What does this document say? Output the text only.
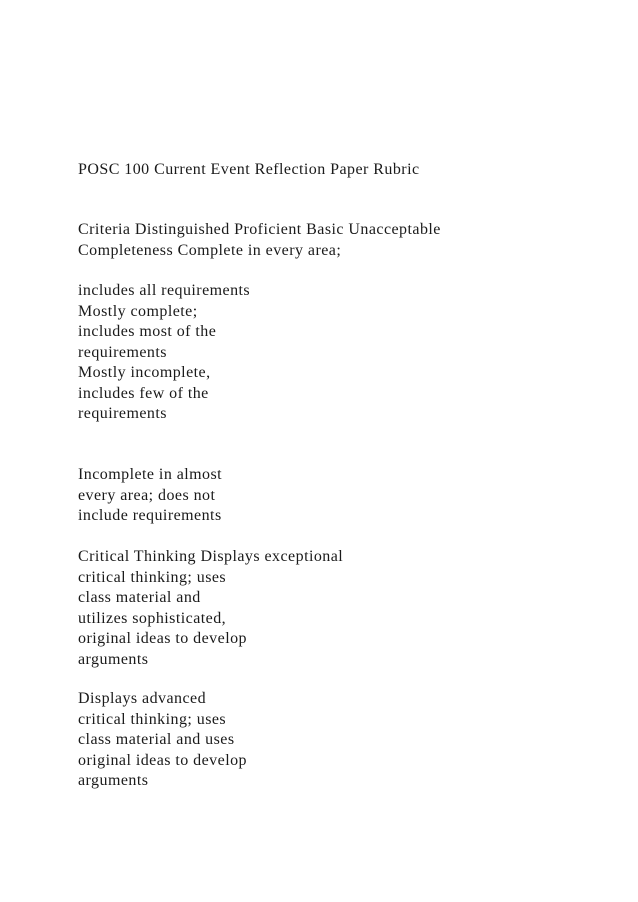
POSC 100 Current Event Reflection Paper Rubric
Criteria Distinguished Proficient Basic Unacceptable
Completeness Complete in every area;
includes all requirements
Mostly complete;
includes most of the
requirements
Mostly incomplete,
includes few of the
requirements
Incomplete in almost
every area; does not
include requirements
Critical Thinking Displays exceptional
critical thinking; uses
class material and
utilizes sophisticated,
original ideas to develop
arguments
Displays advanced
critical thinking; uses
class material and uses
original ideas to develop
arguments
